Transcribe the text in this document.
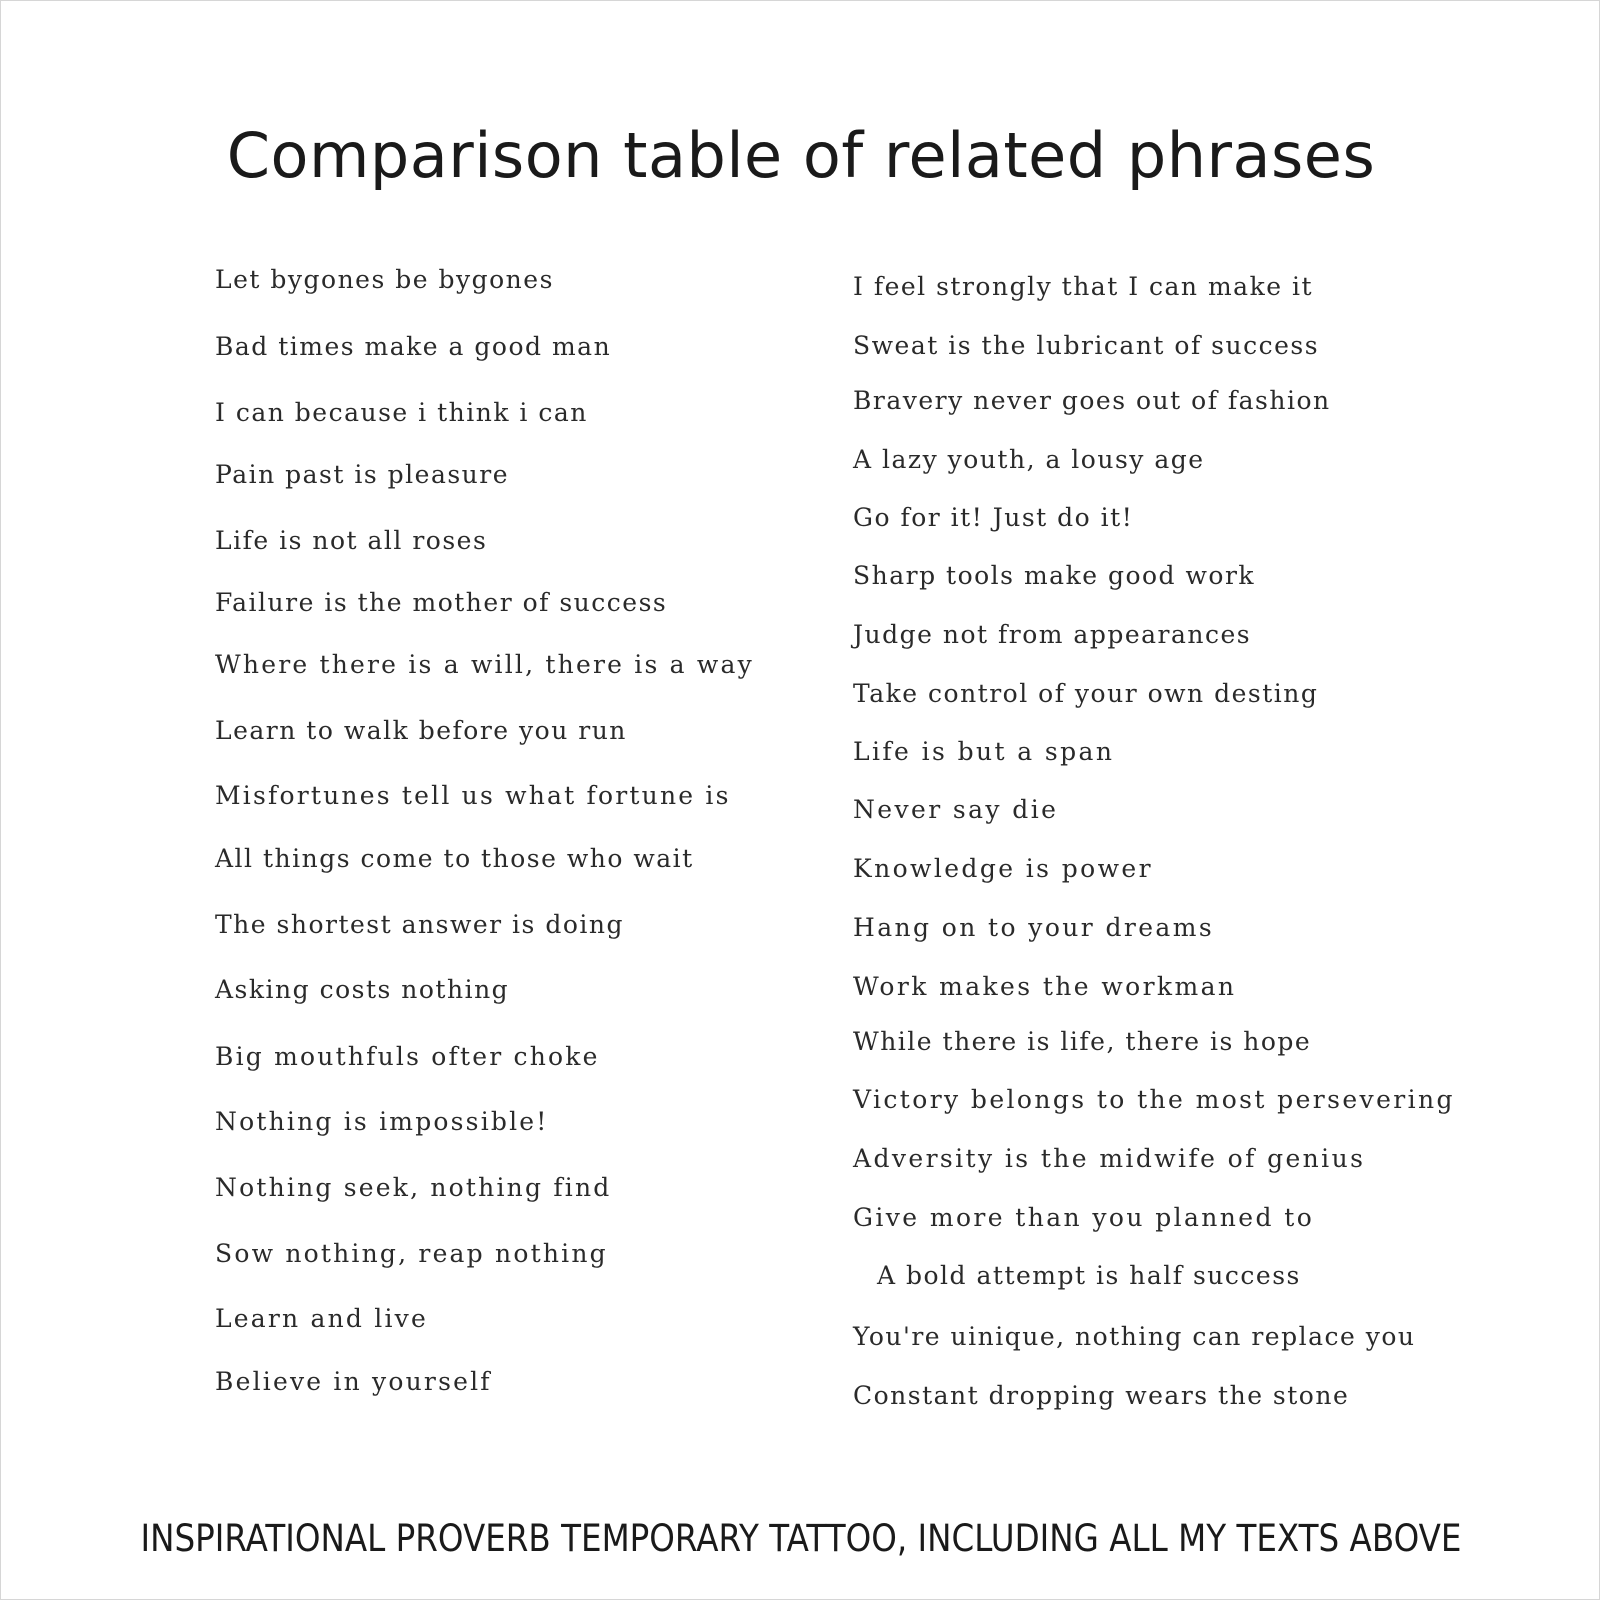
Comparison table of related phrases
Let bygones be bygones
Bad times make a good man
I can because i think i can
Pain past is pleasure
Life is not all roses
Failure is the mother of success
Where there is a will, there is a way
Learn to walk before you run
Misfortunes tell us what fortune is
All things come to those who wait
The shortest answer is doing
Asking costs nothing
Big mouthfuls ofter choke
Nothing is impossible!
Nothing seek, nothing find
Sow nothing, reap nothing
Learn and live
Believe in yourself
I feel strongly that I can make it
Sweat is the lubricant of success
Bravery never goes out of fashion
A lazy youth, a lousy age
Go for it! Just do it!
Sharp tools make good work
Judge not from appearances
Take control of your own desting
Life is but a span
Never say die
Knowledge is power
Hang on to your dreams
Work makes the workman
While there is life, there is hope
Victory belongs to the most persevering
Adversity is the midwife of genius
Give more than you planned to
A bold attempt is half success
You're uinique, nothing can replace you
Constant dropping wears the stone
INSPIRATIONAL PROVERB TEMPORARY TATTOO, INCLUDING ALL MY TEXTS ABOVE
